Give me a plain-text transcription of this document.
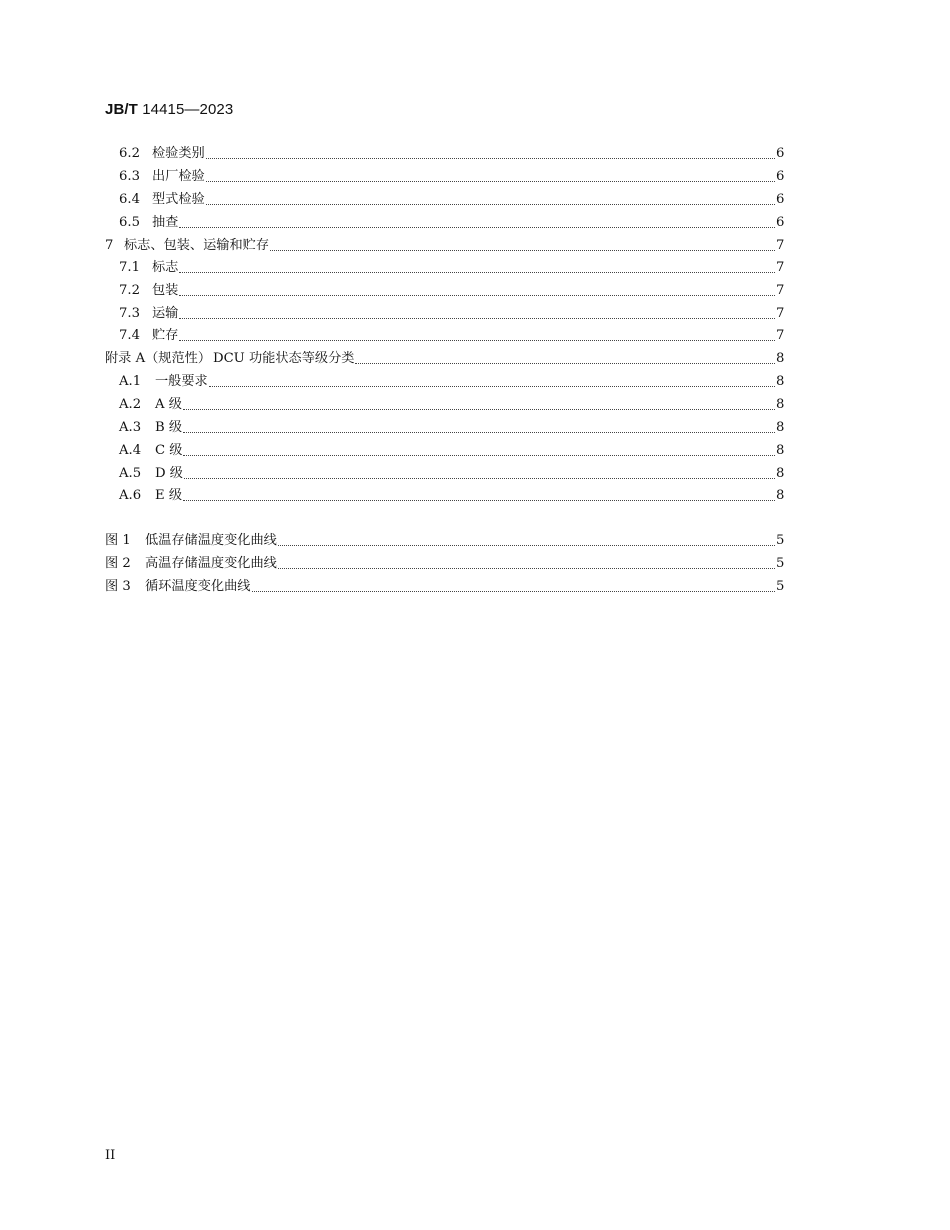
JB/T 14415—2023
6.2 检验类别	6
6.3 出厂检验	6
6.4 型式检验	6
6.5 抽查	6
7 标志、包装、运输和贮存	7
7.1 标志	7
7.2 包装	7
7.3 运输	7
7.4 贮存	7
附录 A（规范性） DCU 功能状态等级分类	8
A.1	一般要求	8
A.2	A 级	8
A.3	B 级	8
A.4	C 级	8
A.5	D 级	8
A.6	E 级	8
图 1	低温存储温度变化曲线	5
图 2	高温存储温度变化曲线	5
图 3	循环温度变化曲线	5
II
